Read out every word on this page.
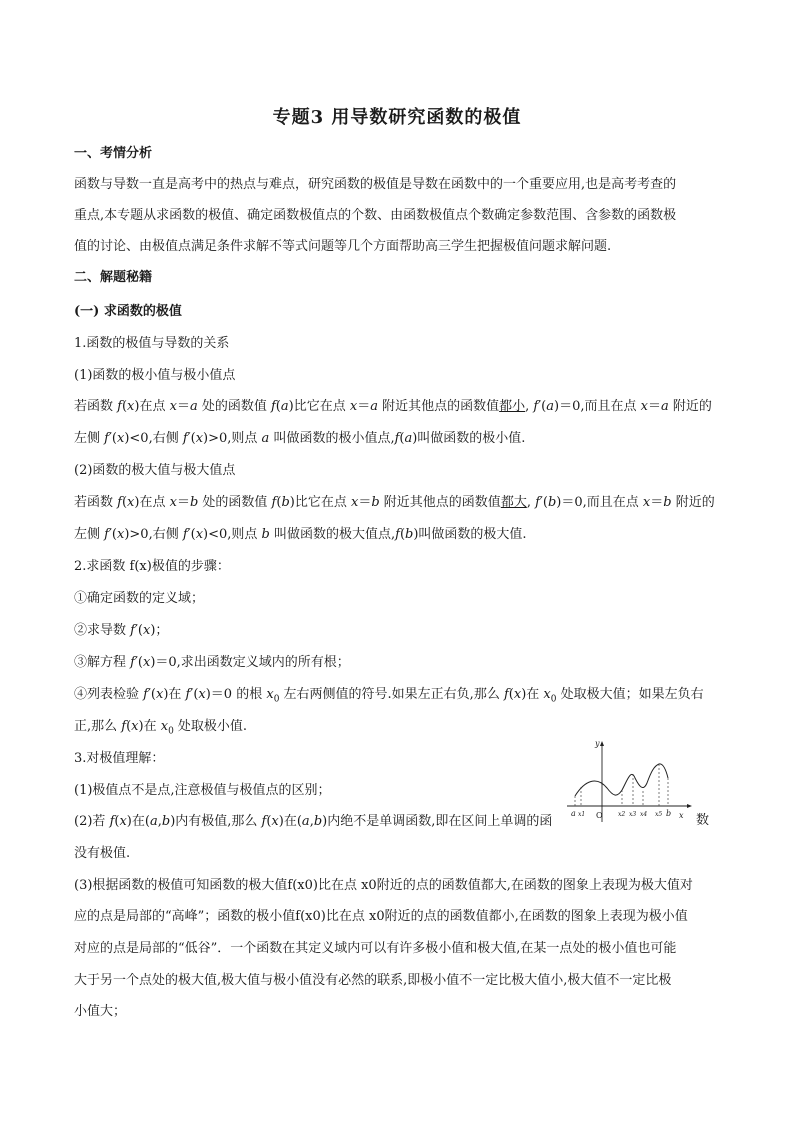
专题3 用导数研究函数的极值
一、考情分析
函数与导数一直是高考中的热点与难点，研究函数的极值是导数在函数中的一个重要应用,也是高考考查的
重点,本专题从求函数的极值、确定函数极值点的个数、由函数极值点个数确定参数范围、含参数的函数极
值的讨论、由极值点满足条件求解不等式问题等几个方面帮助高三学生把握极值问题求解问题.
二、解题秘籍
(一) 求函数的极值
1.函数的极值与导数的关系
(1)函数的极小值与极小值点
若函数 f(x)在点 x＝a 处的函数值 f(a)比它在点 x＝a 附近其他点的函数值都小, f′(a)＝0,而且在点 x＝a 附近的
左侧 f′(x)<0,右侧 f′(x)>0,则点 a 叫做函数的极小值点,f(a)叫做函数的极小值.
(2)函数的极大值与极大值点
若函数 f(x)在点 x＝b 处的函数值 f(b)比它在点 x＝b 附近其他点的函数值都大, f′(b)＝0,而且在点 x＝b 附近的
左侧 f′(x)>0,右侧 f′(x)<0,则点 b 叫做函数的极大值点,f(b)叫做函数的极大值.
2.求函数 f(x)极值的步骤：
①确定函数的定义域；
②求导数 f′(x)；
③解方程 f′(x)＝0,求出函数定义域内的所有根；
④列表检验 f′(x)在 f′(x)＝0 的根 $x_0$ 左右两侧值的符号.如果左正右负,那么 f(x)在 $x_0$ 处取极大值；如果左负右
正,那么 f(x)在 $x_0$ 处取极小值.
3.对极值理解：
(1)极值点不是点,注意极值与极值点的区别；
(2)若 f(x)在(a,b)内有极值,那么 f(x)在(a,b)内绝不是单调函数,即在区间上单调的函	数
没有极值.
(3)根据函数的极值可知函数的极大值f(x0)比在点 x0附近的点的函数值都大,在函数的图象上表现为极大值对
应的点是局部的“高峰”；函数的极小值f(x0)比在点 x0附近的点的函数值都小,在函数的图象上表现为极小值
对应的点是局部的“低谷”．一个函数在其定义域内可以有许多极小值和极大值,在某一点处的极小值也可能
大于另一个点处的极大值,极大值与极小值没有必然的联系,即极小值不一定比极大值小,极大值不一定比极
小值大；
y
x
O
a x1	x2 x3 x4 x5 b
